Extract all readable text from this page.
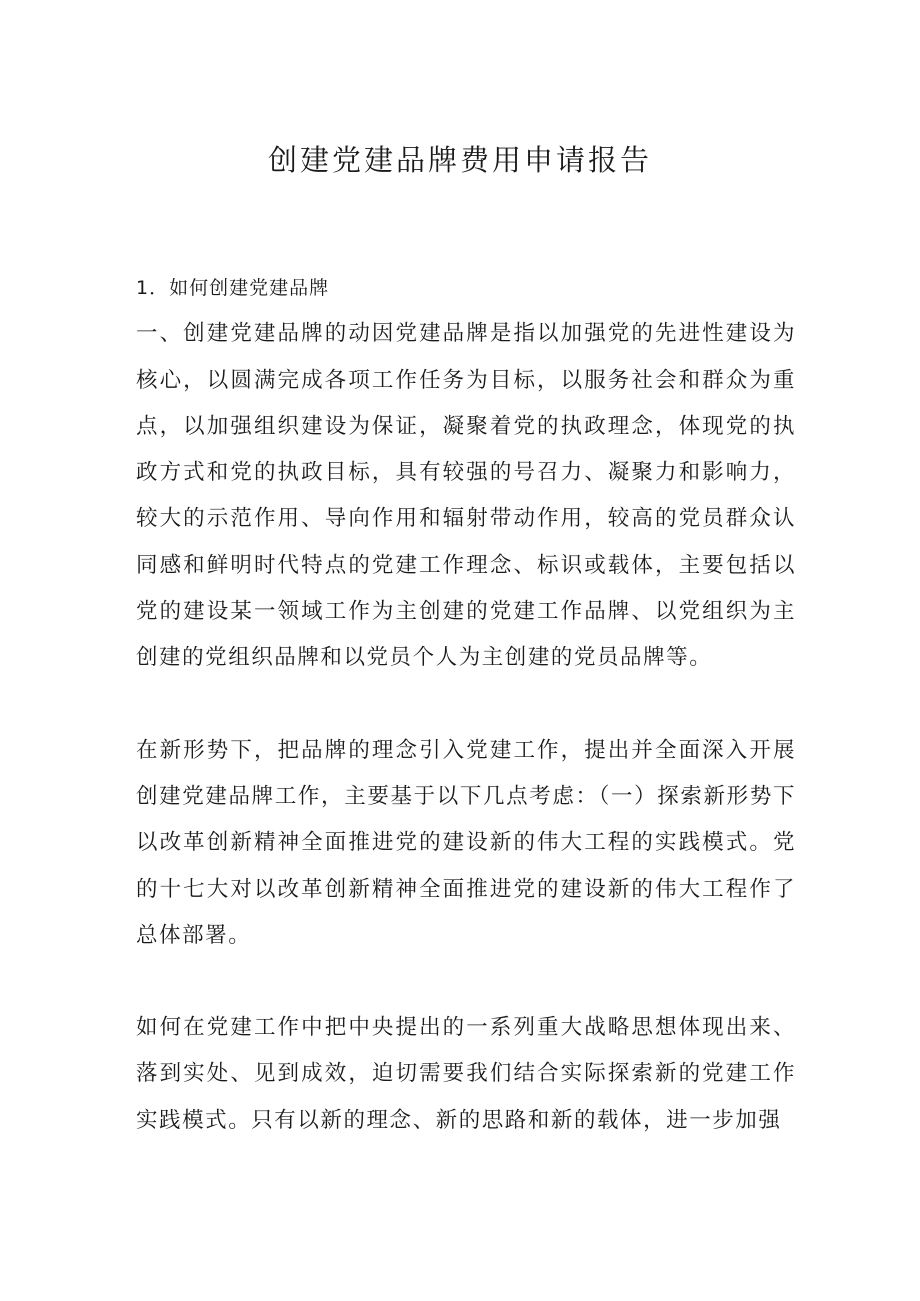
创建党建品牌费用申请报告

1．如何创建党建品牌

一、创建党建品牌的动因党建品牌是指以加强党的先进性建设为核心，以圆满完成各项工作任务为目标，以服务社会和群众为重点，以加强组织建设为保证，凝聚着党的执政理念，体现党的执政方式和党的执政目标，具有较强的号召力、凝聚力和影响力，较大的示范作用、导向作用和辐射带动作用，较高的党员群众认同感和鲜明时代特点的党建工作理念、标识或载体，主要包括以党的建设某一领域工作为主创建的党建工作品牌、以党组织为主创建的党组织品牌和以党员个人为主创建的党员品牌等。

在新形势下，把品牌的理念引入党建工作，提出并全面深入开展创建党建品牌工作，主要基于以下几点考虑：（一）探索新形势下以改革创新精神全面推进党的建设新的伟大工程的实践模式。党的十七大对以改革创新精神全面推进党的建设新的伟大工程作了总体部署。

如何在党建工作中把中央提出的一系列重大战略思想体现出来、落到实处、见到成效，迫切需要我们结合实际探索新的党建工作实践模式。只有以新的理念、新的思路和新的载体，进一步加强
